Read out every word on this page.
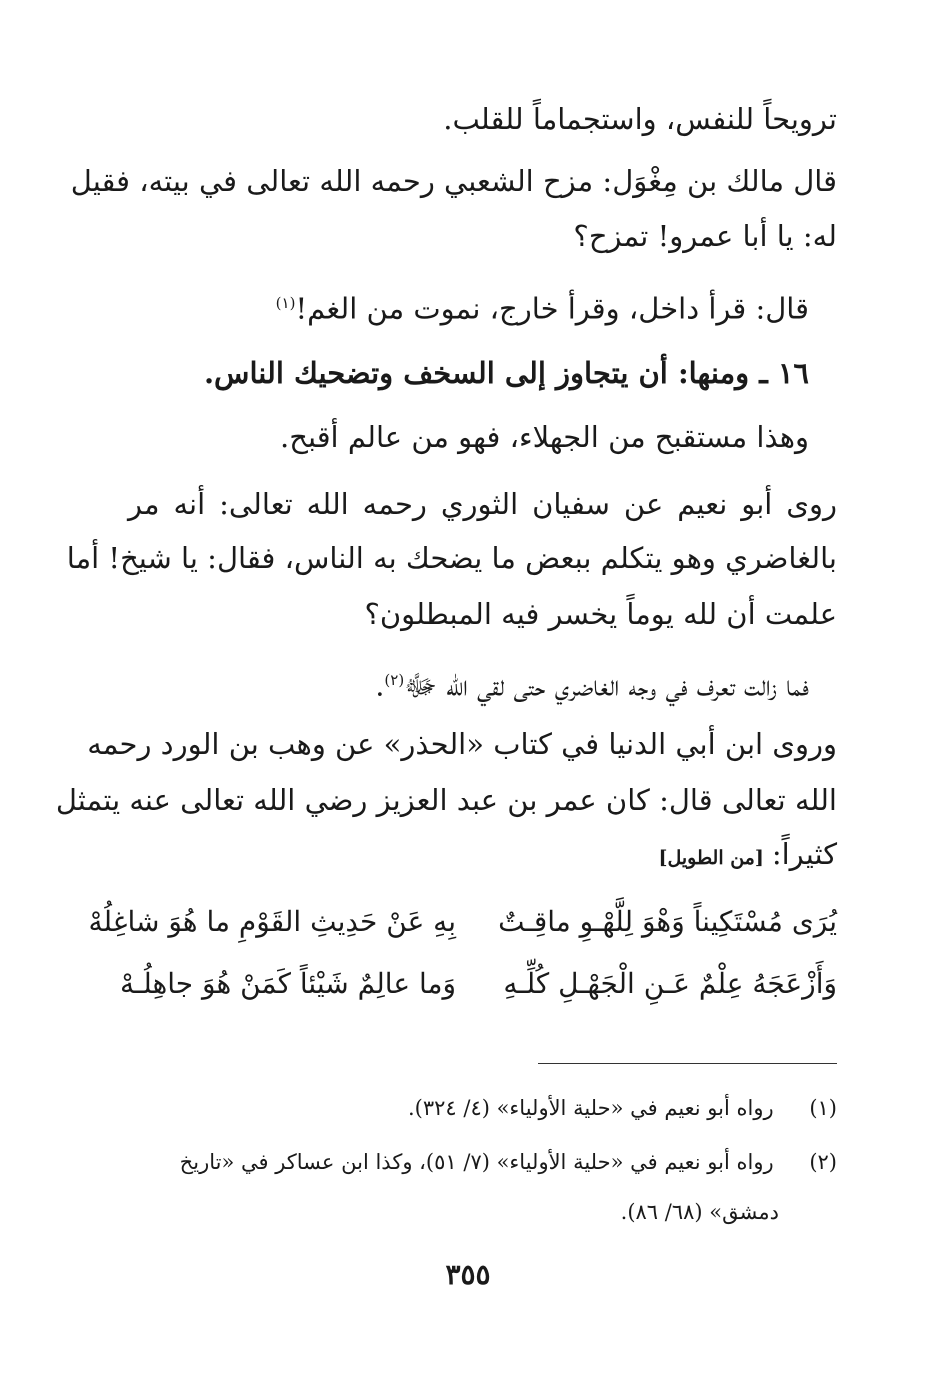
ترويحاً للنفس، واستجماماً للقلب.
قال مالك بن مِغْوَل: مزح الشعبي رحمه الله تعالى في بيته، فقيل
له: يا أبا عمرو! تمزح؟
قال: قرأ داخل، وقرأ خارج، نموت من الغم!$^{(١)}$
١٦ ـ ومنها: أن يتجاوز إلى السخف وتضحيك الناس.
وهذا مستقبح من الجهلاء، فهو من عالم أقبح.
روى أبو نعيم عن سفيان الثوري رحمه الله تعالى: أنه مر
بالغاضري وهو يتكلم ببعض ما يضحك به الناس، فقال: يا شيخ! أما
علمت أن لله يوماً يخسر فيه المبطلون؟
فما زالت تعرف في وجه الغاضري حتى لقي الله ﷻ$^{(٢)}$.
وروى ابن أبي الدنيا في كتاب «الحذر» عن وهب بن الورد رحمه
الله تعالى قال: كان عمر بن عبد العزيز رضي الله تعالى عنه يتمثل
كثيراً:[من الطويل]
يُرَى مُسْتَكِيناً وَهْوَ لِلَّهْـوِ ماقِـتٌ
بِهِ عَنْ حَدِيثِ القَوْمِ ما هُوَ شاغِلُهْ
وَأَزْعَجَهُ عِلْمٌ عَـنِ الْجَهْـلِ كُلِّـهِ
وَما عالِمٌ شَيْئاً كَمَنْ هُوَ جاهِلُـهْ
(١)  رواه أبو نعيم في «حلية الأولياء» (٤/ ٣٢٤).
(٢)  رواه أبو نعيم في «حلية الأولياء» (٧/ ٥١)، وكذا ابن عساكر في «تاريخ
دمشق» (٦٨/ ٨٦).
٣٥٥
